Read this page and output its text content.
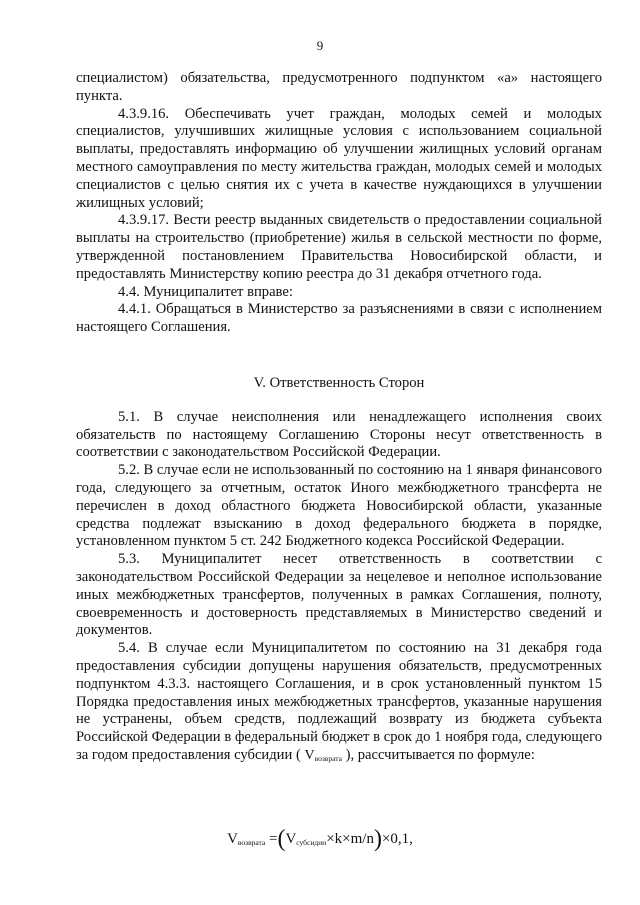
9

специалистом) обязательства, предусмотренного подпунктом «а» настоящего пункта.

4.3.9.16. Обеспечивать учет граждан, молодых семей и молодых специалистов, улучшивших жилищные условия с использованием социальной выплаты, предоставлять информацию об улучшении жилищных условий органам местного самоуправления по месту жительства граждан, молодых семей и молодых специалистов с целью снятия их с учета в качестве нуждающихся в улучшении жилищных условий;

4.3.9.17. Вести реестр выданных свидетельств о предоставлении социальной выплаты на строительство (приобретение) жилья в сельской местности по форме, утвержденной постановлением Правительства Новосибирской области, и предоставлять Министерству копию реестра до 31 декабря отчетного года.

4.4. Муниципалитет вправе:

4.4.1. Обращаться в Министерство за разъяснениями в связи с исполнением настоящего Соглашения.

V. Ответственность Сторон

5.1. В случае неисполнения или ненадлежащего исполнения своих обязательств по настоящему Соглашению Стороны несут ответственность в соответствии с законодательством Российской Федерации.

5.2. В случае если не использованный по состоянию на 1 января финансового года, следующего за отчетным, остаток Иного межбюджетного трансферта не перечислен в доход областного бюджета Новосибирской области, указанные средства подлежат взысканию в доход федерального бюджета в порядке, установленном пунктом 5 ст. 242 Бюджетного кодекса Российской Федерации.

5.3. Муниципалитет несет ответственность в соответствии с законодательством Российской Федерации за нецелевое и неполное использование иных межбюджетных трансфертов, полученных в рамках Соглашения, полноту, своевременность и достоверность представляемых в Министерство сведений и документов.

5.4. В случае если Муниципалитетом по состоянию на 31 декабря года предоставления субсидии допущены нарушения обязательств, предусмотренных подпунктом 4.3.3. настоящего Соглашения, и в срок установленный пунктом 15 Порядка предоставления иных межбюджетных трансфертов, указанные нарушения не устранены, объем средств, подлежащий возврату из бюджета субъекта Российской Федерации в федеральный бюджет в срок до 1 ноября года, следующего за годом предоставления субсидии ( $V_{возврата}$ ), рассчитывается по формуле:

$V_{возврата} =(V_{субсидии}\times k\times m/n)\times 0,1$,
